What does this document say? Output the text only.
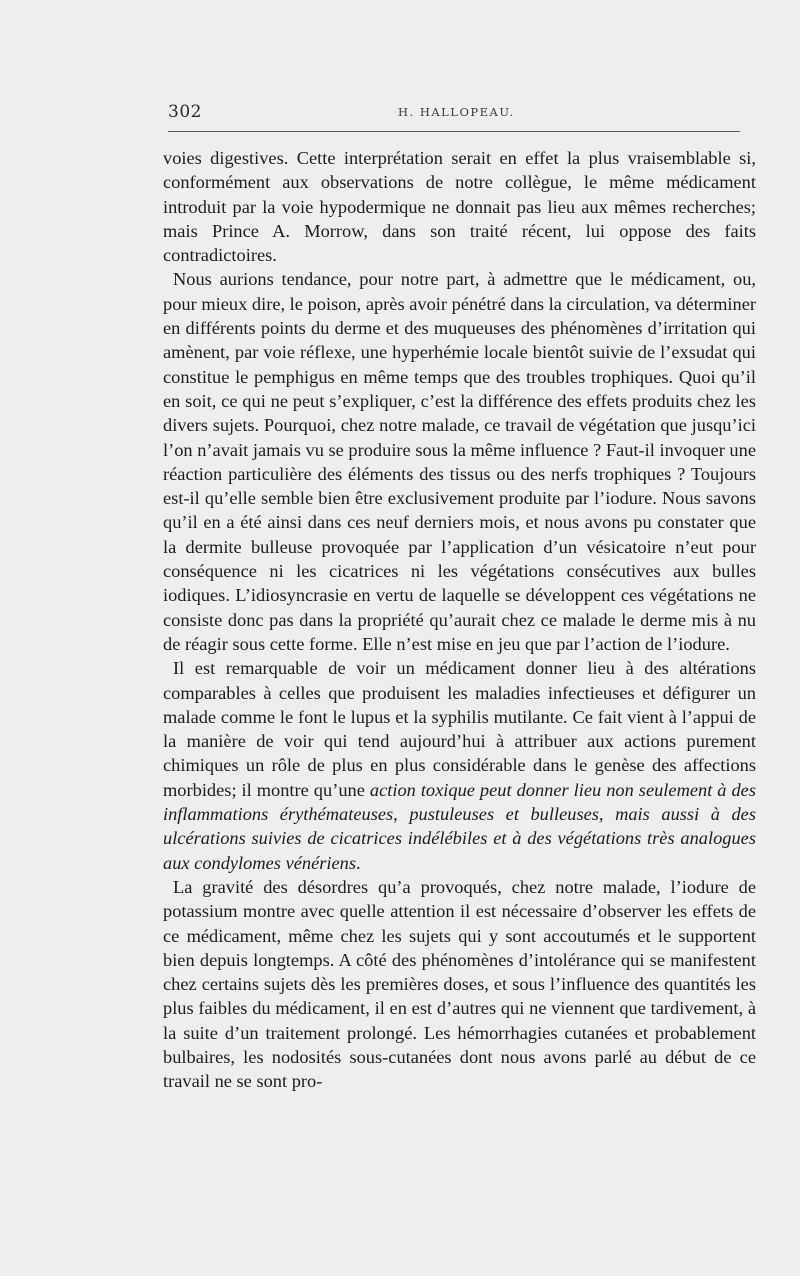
302	H. HALLOPEAU.

voies digestives. Cette interprétation serait en effet la plus vraisemblable si, conformément aux observations de notre collègue, le même médicament introduit par la voie hypodermique ne donnait pas lieu aux mêmes recherches; mais Prince A. Morrow, dans son traité récent, lui oppose des faits contradictoires.

Nous aurions tendance, pour notre part, à admettre que le médicament, ou, pour mieux dire, le poison, après avoir pénétré dans la circulation, va déterminer en différents points du derme et des muqueuses des phénomènes d’irritation qui amènent, par voie réflexe, une hyperhémie locale bientôt suivie de l’exsudat qui constitue le pemphigus en même temps que des troubles trophiques. Quoi qu’il en soit, ce qui ne peut s’expliquer, c’est la différence des effets produits chez les divers sujets. Pourquoi, chez notre malade, ce travail de végétation que jusqu’ici l’on n’avait jamais vu se produire sous la même influence ? Faut-il invoquer une réaction particulière des éléments des tissus ou des nerfs trophiques ? Toujours est-il qu’elle semble bien être exclusivement produite par l’iodure. Nous savons qu’il en a été ainsi dans ces neuf derniers mois, et nous avons pu constater que la dermite bulleuse provoquée par l’application d’un vésicatoire n’eut pour conséquence ni les cicatrices ni les végétations consécutives aux bulles iodiques. L’idiosyncrasie en vertu de laquelle se développent ces végétations ne consiste donc pas dans la propriété qu’aurait chez ce malade le derme mis à nu de réagir sous cette forme. Elle n’est mise en jeu que par l’action de l’iodure.

Il est remarquable de voir un médicament donner lieu à des altérations comparables à celles que produisent les maladies infectieuses et défigurer un malade comme le font le lupus et la syphilis mutilante. Ce fait vient à l’appui de la manière de voir qui tend aujourd’hui à attribuer aux actions purement chimiques un rôle de plus en plus considérable dans le genèse des affections morbides; il montre qu’une action toxique peut donner lieu non seulement à des inflammations érythémateuses, pustuleuses et bulleuses, mais aussi à des ulcérations suivies de cicatrices indélébiles et à des végétations très analogues aux condylomes vénériens.

La gravité des désordres qu’a provoqués, chez notre malade, l’iodure de potassium montre avec quelle attention il est nécessaire d’observer les effets de ce médicament, même chez les sujets qui y sont accoutumés et le supportent bien depuis longtemps. A côté des phénomènes d’intolérance qui se manifestent chez certains sujets dès les premières doses, et sous l’influence des quantités les plus faibles du médicament, il en est d’autres qui ne viennent que tardivement, à la suite d’un traitement prolongé. Les hémorrhagies cutanées et probablement bulbaires, les nodosités sous-cutanées dont nous avons parlé au début de ce travail ne se sont pro-
